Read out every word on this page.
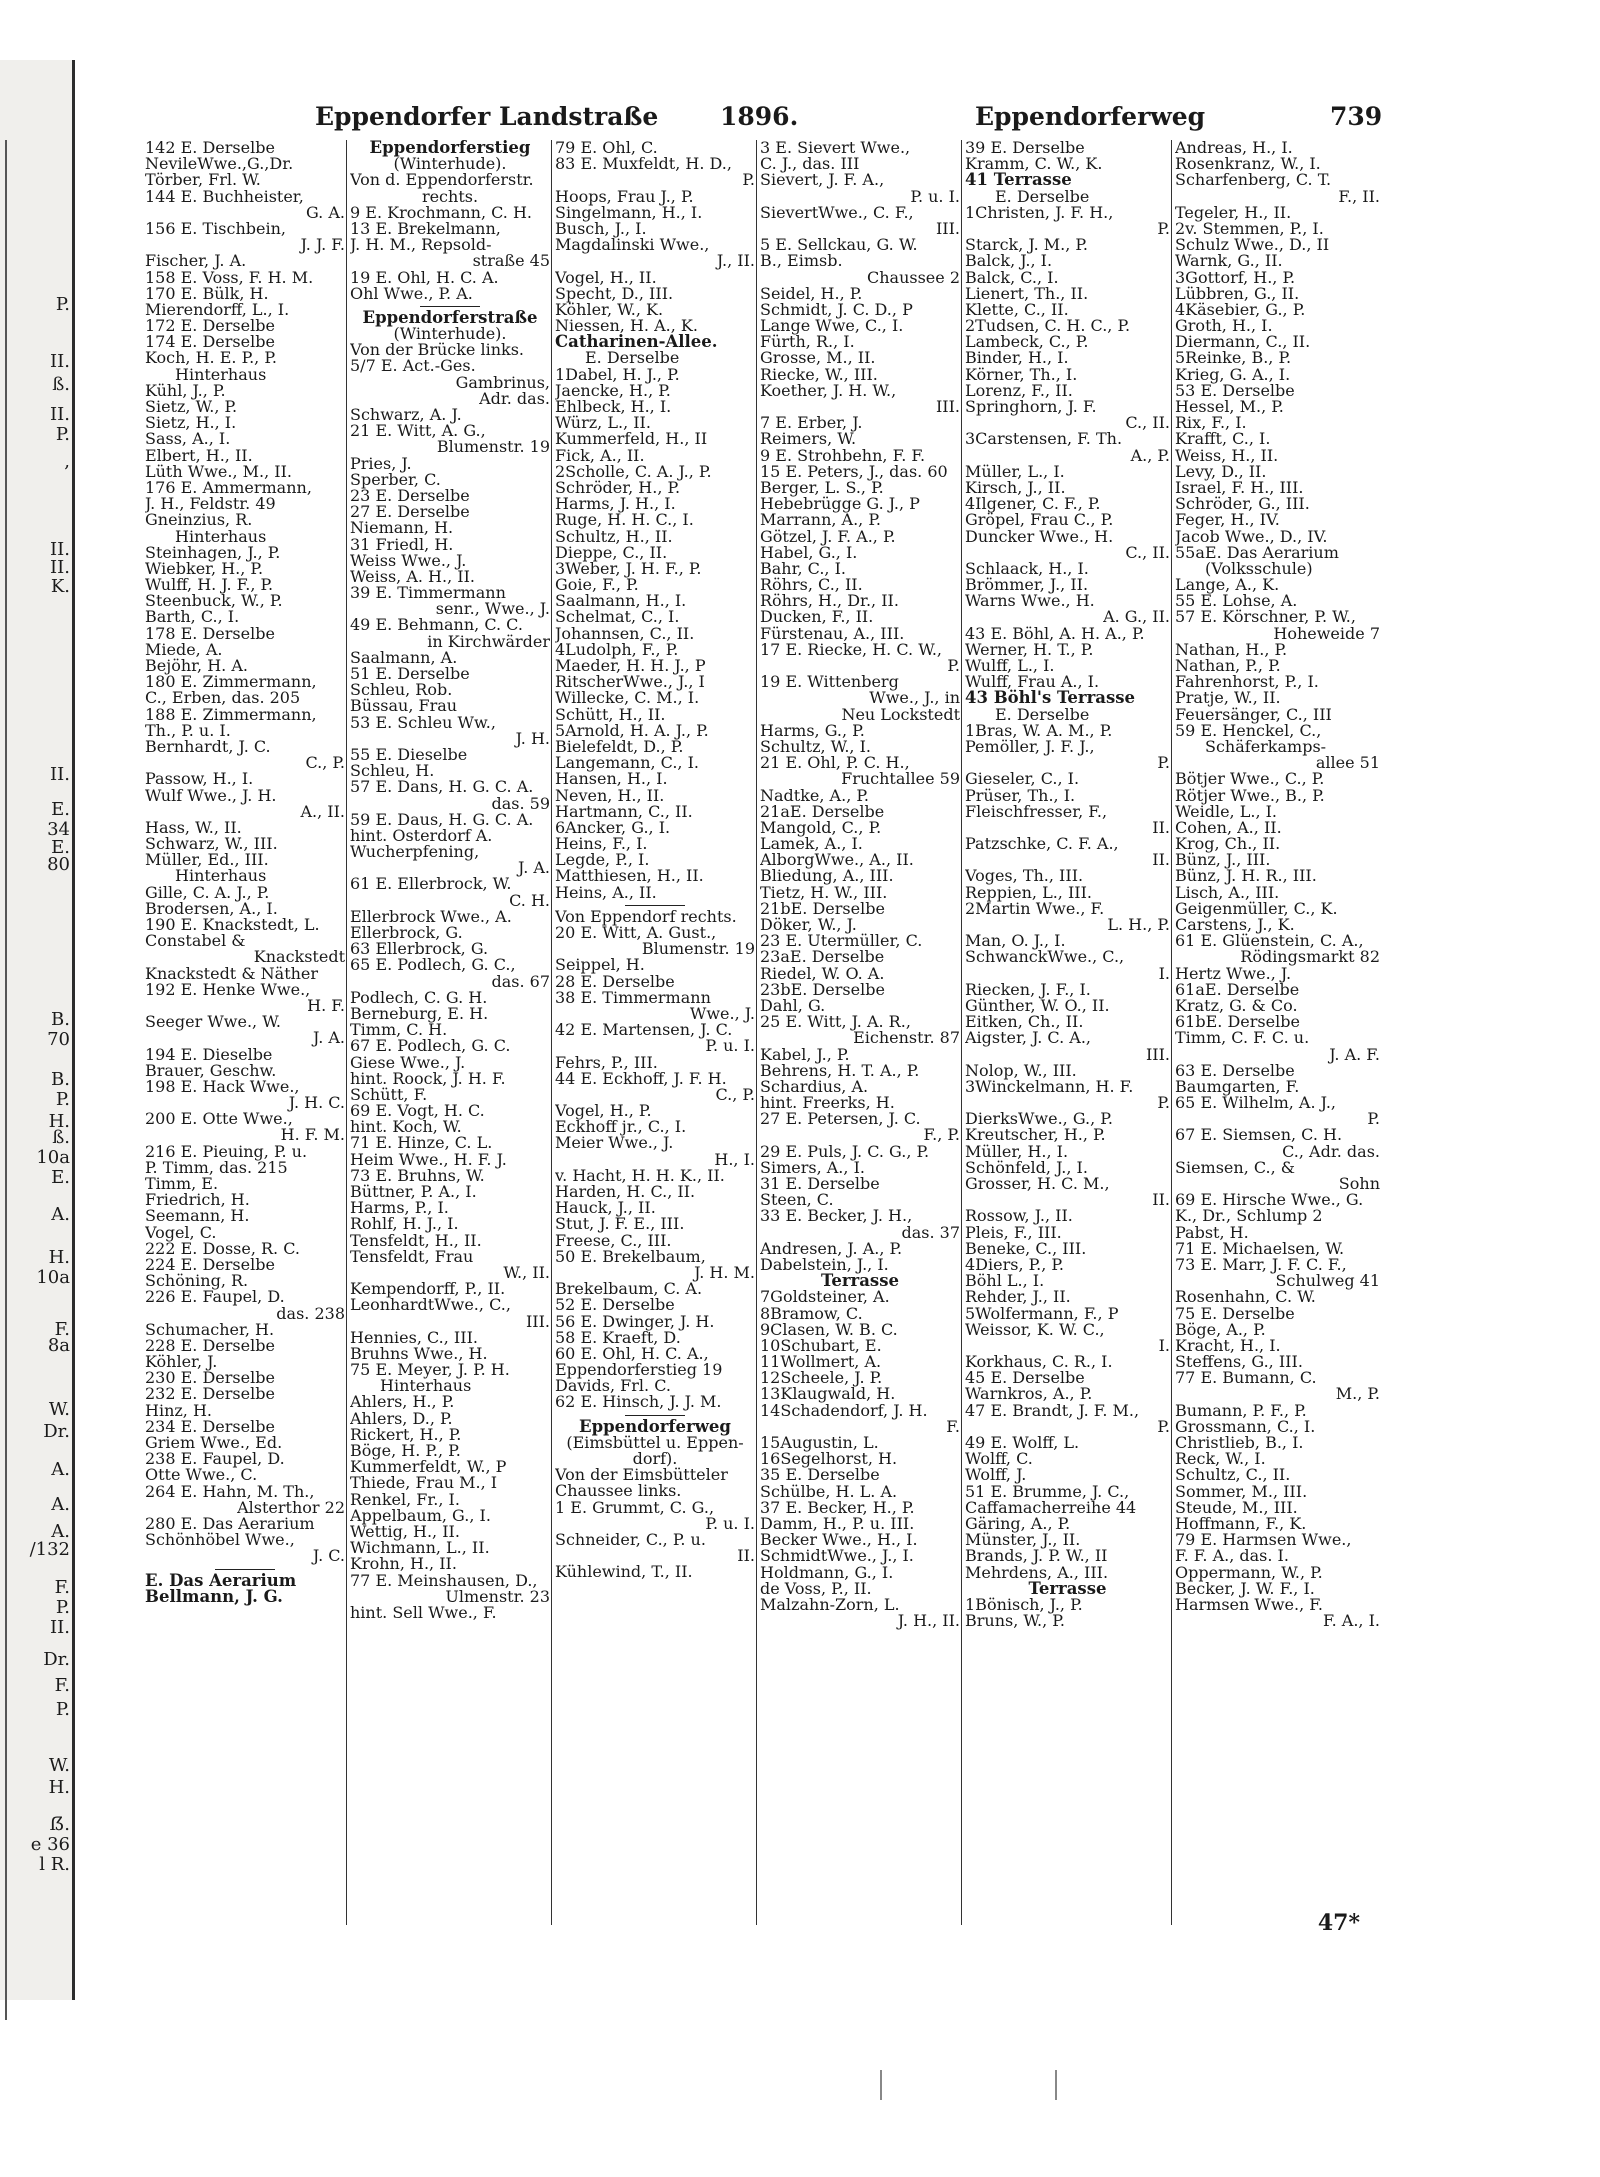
P.
II.
ß.
II.
P.
,
II.
II.
K.
II.
E.
34
E.
80
B.
70
B.
P.
H.
ß.
10a
E.
A.
H.
10a
F.
8a
W.
Dr.
A.
A.
A.
/132
F.
P.
II.
Dr.
F.
P.
W.
H.
ẞ.
e 36
l R.
Eppendorfer Landstraße 1896.	Eppendorferweg	739
142 E. Derselbe
NevileWwe.,G.,Dr.
Törber, Frl. W.
144 E. Buchheister,
G. A.
156 E. Tischbein,
J. J. F.
Fischer, J. A.
158 E. Voss, F. H. M.
170 E. Bülk, H.
Mierendorff, L., I.
172 E. Derselbe
174 E. Derselbe
Koch, H. E. P., P.
Hinterhaus
Kühl, J., P.
Sietz, W., P.
Sietz, H., I.
Sass, A., I.
Elbert, H., II.
Lüth Wwe., M., II.
176 E. Ammermann,
J. H., Feldstr. 49
Gneinzius, R.
Hinterhaus
Steinhagen, J., P.
Wiebker, H., P.
Wulff, H. J. F., P.
Steenbuck, W., P.
Barth, C., I.
178 E. Derselbe
Miede, A.
Bejöhr, H. A.
180 E. Zimmermann,
C., Erben, das. 205
188 E. Zimmermann,
Th., P. u. I.
Bernhardt, J. C.
C., P.
Passow, H., I.
Wulf Wwe., J. H.
A., II.
Hass, W., II.
Schwarz, W., III.
Müller, Ed., III.
Hinterhaus
Gille, C. A. J., P.
Brodersen, A., I.
190 E. Knackstedt, L.
Constabel &
Knackstedt
Knackstedt & Näther
192 E. Henke Wwe.,
H. F.
Seeger Wwe., W.
J. A.
194 E. Dieselbe
Brauer, Geschw.
198 E. Hack Wwe.,
J. H. C.
200 E. Otte Wwe.,
H. F. M.
216 E. Pieuing, P. u.
P. Timm, das. 215
Timm, E.
Friedrich, H.
Seemann, H.
Vogel, C.
222 E. Dosse, R. C.
224 E. Derselbe
Schöning, R.
226 E. Faupel, D.
das. 238
Schumacher, H.
228 E. Derselbe
Köhler, J.
230 E. Derselbe
232 E. Derselbe
Hinz, H.
234 E. Derselbe
Griem Wwe., Ed.
238 E. Faupel, D.
Otte Wwe., C.
264 E. Hahn, M. Th.,
Alsterthor 22
280 E. Das Aerarium
Schönhöbel Wwe.,
J. C.
E. Das Aerarium
Bellmann, J. G.
Eppendorferstieg
(Winterhude).
Von d. Eppendorferstr.
rechts.
9 E. Krochmann, C. H.
13 E. Brekelmann,
J. H. M., Repsold-
straße 45
19 E. Ohl, H. C. A.
Ohl Wwe., P. A.
Eppendorferstraße
(Winterhude).
Von der Brücke links.
5/7 E. Act.-Ges.
Gambrinus,
Adr. das.
Schwarz, A. J.
21 E. Witt, A. G.,
Blumenstr. 19
Pries, J.
Sperber, C.
23 E. Derselbe
27 E. Derselbe
Niemann, H.
31 Friedl, H.
Weiss Wwe., J.
Weiss, A. H., II.
39 E. Timmermann
senr., Wwe., J.
49 E. Behmann, C. C.
in Kirchwärder
Saalmann, A.
51 E. Derselbe
Schleu, Rob.
Büssau, Frau
53 E. Schleu Ww.,
J. H.
55 E. Dieselbe
Schleu, H.
57 E. Dans, H. G. C. A.
das. 59
59 E. Daus, H. G. C. A.
hint. Osterdorf A.
Wucherpfening,
J. A.
61 E. Ellerbrock, W.
C. H.
Ellerbrock Wwe., A.
Ellerbrock, G.
63 Ellerbrock, G.
65 E. Podlech, G. C.,
das. 67
Podlech, C. G. H.
Berneburg, E. H.
Timm, C. H.
67 E. Podlech, G. C.
Giese Wwe., J.
hint. Roock, J. H. F.
Schütt, F.
69 E. Vogt, H. C.
hint. Koch, W.
71 E. Hinze, C. L.
Heim Wwe., H. F. J.
73 E. Bruhns, W.
Büttner, P. A., I.
Harms, P., I.
Rohlf, H. J., I.
Tensfeldt, H., II.
Tensfeldt, Frau
W., II.
Kempendorff, P., II.
LeonhardtWwe., C.,
III.
Hennies, C., III.
Bruhns Wwe., H.
75 E. Meyer, J. P. H.
Hinterhaus
Ahlers, H., P.
Ahlers, D., P.
Rickert, H., P.
Böge, H. P., P.
Kummerfeldt, W., P
Thiede, Frau M., I
Renkel, Fr., I.
Appelbaum, G., I.
Wettig, H., II.
Wichmann, L., II.
Krohn, H., II.
77 E. Meinshausen, D.,
Ulmenstr. 23
hint. Sell Wwe., F.
79 E. Ohl, C.
83 E. Muxfeldt, H. D.,
P.
Hoops, Frau J., P.
Singelmann, H., I.
Busch, J., I.
Magdalinski Wwe.,
J., II.
Vogel, H., II.
Specht, D., III.
Köhler, W., K.
Niessen, H. A., K.
Catharinen-Allee.
E. Derselbe
1Dabel, H. J., P.
Jaencke, H., P.
Ehlbeck, H., I.
Würz, L., II.
Kummerfeld, H., II
Fick, A., II.
2Scholle, C. A. J., P.
Schröder, H., P.
Harms, J. H., I.
Ruge, H. H. C., I.
Schultz, H., II.
Dieppe, C., II.
3Weber, J. H. F., P.
Goie, F., P.
Saalmann, H., I.
Schelmat, C., I.
Johannsen, C., II.
4Ludolph, F., P.
Maeder, H. H. J., P
RitscherWwe., J., I
Willecke, C. M., I.
Schütt, H., II.
5Arnold, H. A. J., P.
Bielefeldt, D., P.
Langemann, C., I.
Hansen, H., I.
Neven, H., II.
Hartmann, C., II.
6Ancker, G., I.
Heins, F., I.
Legde, P., I.
Matthiesen, H., II.
Heins, A., II.
Von Eppendorf rechts.
20 E. Witt, A. Gust.,
Blumenstr. 19
Seippel, H.
28 E. Derselbe
38 E. Timmermann
Wwe., J.
42 E. Martensen, J. C.
P. u. I.
Fehrs, P., III.
44 E. Eckhoff, J. F. H.
C., P.
Vogel, H., P.
Eckhoff jr., C., I.
Meier Wwe., J.
H., I.
v. Hacht, H. H. K., II.
Harden, H. C., II.
Hauck, J., II.
Stut, J. F. E., III.
Freese, C., III.
50 E. Brekelbaum,
J. H. M.
Brekelbaum, C. A.
52 E. Derselbe
56 E. Dwinger, J. H.
58 E. Kraeft, D.
60 E. Ohl, H. C. A.,
Eppendorferstieg 19
Davids, Frl. C.
62 E. Hinsch, J. J. M.
Eppendorferweg
(Eimsbüttel u. Eppen-
dorf).
Von der Eimsbütteler
Chaussee links.
1 E. Grummt, C. G.,
P. u. I.
Schneider, C., P. u.
II.
Kühlewind, T., II.
3 E. Sievert Wwe.,
C. J., das. III
Sievert, J. F. A.,
P. u. I.
SievertWwe., C. F.,
III.
5 E. Sellckau, G. W.
B., Eimsb.
Chaussee 2
Seidel, H., P.
Schmidt, J. C. D., P
Lange Wwe, C., I.
Fürth, R., I.
Grosse, M., II.
Riecke, W., III.
Koether, J. H. W.,
III.
7 E. Erber, J.
Reimers, W.
9 E. Strohbehn, F. F.
15 E. Peters, J., das. 60
Berger, L. S., P.
Hebebrügge G. J., P
Marrann, A., P.
Götzel, J. F. A., P.
Habel, G., I.
Bahr, C., I.
Röhrs, C., II.
Röhrs, H., Dr., II.
Ducken, F., II.
Fürstenau, A., III.
17 E. Riecke, H. C. W.,
P.
19 E. Wittenberg
Wwe., J., in
Neu Lockstedt
Harms, G., P.
Schultz, W., I.
21 E. Ohl, P. C. H.,
Fruchtallee 59
Nadtke, A., P.
21aE. Derselbe
Mangold, C., P.
Lamek, A., I.
AlborgWwe., A., II.
Bliedung, A., III.
Tietz, H. W., III.
21bE. Derselbe
Döker, W., J.
23 E. Utermüller, C.
23aE. Derselbe
Riedel, W. O. A.
23bE. Derselbe
Dahl, G.
25 E. Witt, J. A. R.,
Eichenstr. 87
Kabel, J., P.
Behrens, H. T. A., P.
Schardius, A.
hint. Freerks, H.
27 E. Petersen, J. C.
F., P.
29 E. Puls, J. C. G., P.
Simers, A., I.
31 E. Derselbe
Steen, C.
33 E. Becker, J. H.,
das. 37
Andresen, J. A., P.
Dabelstein, J., I.
Terrasse
7Goldsteiner, A.
8Bramow, C.
9Clasen, W. B. C.
10Schubart, E.
11Wollmert, A.
12Scheele, J. P.
13Klaugwald, H.
14Schadendorf, J. H.
F.
15Augustin, L.
16Segelhorst, H.
35 E. Derselbe
Schülbe, H. L. A.
37 E. Becker, H., P.
Damm, H., P. u. III.
Becker Wwe., H., I.
SchmidtWwe., J., I.
Holdmann, G., I.
de Voss, P., II.
Malzahn-Zorn, L.
J. H., II.
39 E. Derselbe
Kramm, C. W., K.
41 Terrasse
E. Derselbe
1Christen, J. F. H.,
P.
Starck, J. M., P.
Balck, J., I.
Balck, C., I.
Lienert, Th., II.
Klette, C., II.
2Tudsen, C. H. C., P.
Lambeck, C., P.
Binder, H., I.
Körner, Th., I.
Lorenz, F., II.
Springhorn, J. F.
C., II.
3Carstensen, F. Th.
A., P.
Müller, L., I.
Kirsch, J., II.
4Ilgener, C. F., P.
Gröpel, Frau C., P.
Duncker Wwe., H.
C., II.
Schlaack, H., I.
Brömmer, J., II.
Warns Wwe., H.
A. G., II.
43 E. Böhl, A. H. A., P.
Werner, H. T., P.
Wulff, L., I.
Wulff, Frau A., I.
43 Böhl's Terrasse
E. Derselbe
1Bras, W. A. M., P.
Pemöller, J. F. J.,
P.
Gieseler, C., I.
Prüser, Th., I.
Fleischfresser, F.,
II.
Patzschke, C. F. A.,
II.
Voges, Th., III.
Reppien, L., III.
2Martin Wwe., F.
L. H., P.
Man, O. J., I.
SchwanckWwe., C.,
I.
Riecken, J. F., I.
Günther, W. O., II.
Eitken, Ch., II.
Aigster, J. C. A.,
III.
Nolop, W., III.
3Winckelmann, H. F.
P.
DierksWwe., G., P.
Kreutscher, H., P.
Müller, H., I.
Schönfeld, J., I.
Grosser, H. C. M.,
II.
Rossow, J., II.
Pleis, F., III.
Beneke, C., III.
4Diers, P., P.
Böhl L., I.
Rehder, J., II.
5Wolfermann, F., P
Weissor, K. W. C.,
I.
Korkhaus, C. R., I.
45 E. Derselbe
Warnkros, A., P.
47 E. Brandt, J. F. M.,
P.
49 E. Wolff, L.
Wolff, C.
Wolff, J.
51 E. Brumme, J. C.,
Caffamacherreihe 44
Gäring, A., P.
Münster, J., II.
Brands, J. P. W., II
Mehrdens, A., III.
Terrasse
1Bönisch, J., P.
Bruns, W., P.
Andreas, H., I.
Rosenkranz, W., I.
Scharfenberg, C. T.
F., II.
Tegeler, H., II.
2v. Stemmen, P., I.
Schulz Wwe., D., II
Warnk, G., II.
3Gottorf, H., P.
Lübbren, G., II.
4Käsebier, G., P.
Groth, H., I.
Diermann, C., II.
5Reinke, B., P.
Krieg, G. A., I.
53 E. Derselbe
Hessel, M., P.
Rix, F., I.
Krafft, C., I.
Weiss, H., II.
Levy, D., II.
Israel, F. H., III.
Schröder, G., III.
Feger, H., IV.
Jacob Wwe., D., IV.
55aE. Das Aerarium
(Volksschule)
Lange, A., K.
55 E. Lohse, A.
57 E. Körschner, P. W.,
Hoheweide 7
Nathan, H., P.
Nathan, P., P.
Fahrenhorst, P., I.
Pratje, W., II.
Feuersänger, C., III
59 E. Henckel, C.,
Schäferkamps-
allee 51
Bötjer Wwe., C., P.
Rötjer Wwe., B., P.
Weidle, L., I.
Cohen, A., II.
Krog, Ch., II.
Bünz, J., III.
Bünz, J. H. R., III.
Lisch, A., III.
Geigenmüller, C., K.
Carstens, J., K.
61 E. Glüenstein, C. A.,
Rödingsmarkt 82
Hertz Wwe., J.
61aE. Derselbe
Kratz, G. & Co.
61bE. Derselbe
Timm, C. F. C. u.
J. A. F.
63 E. Derselbe
Baumgarten, F.
65 E. Wilhelm, A. J.,
P.
67 E. Siemsen, C. H.
C., Adr. das.
Siemsen, C., &
Sohn
69 E. Hirsche Wwe., G.
K., Dr., Schlump 2
Pabst, H.
71 E. Michaelsen, W.
73 E. Marr, J. F. C. F.,
Schulweg 41
Rosenhahn, C. W.
75 E. Derselbe
Böge, A., P.
Kracht, H., I.
Steffens, G., III.
77 E. Bumann, C.
M., P.
Bumann, P. F., P.
Grossmann, C., I.
Christlieb, B., I.
Reck, W., I.
Schultz, C., II.
Sommer, M., III.
Steude, M., III.
Hoffmann, F., K.
79 E. Harmsen Wwe.,
F. F. A., das. I.
Oppermann, W., P.
Becker, J. W. F., I.
Harmsen Wwe., F.
F. A., I.
47*
